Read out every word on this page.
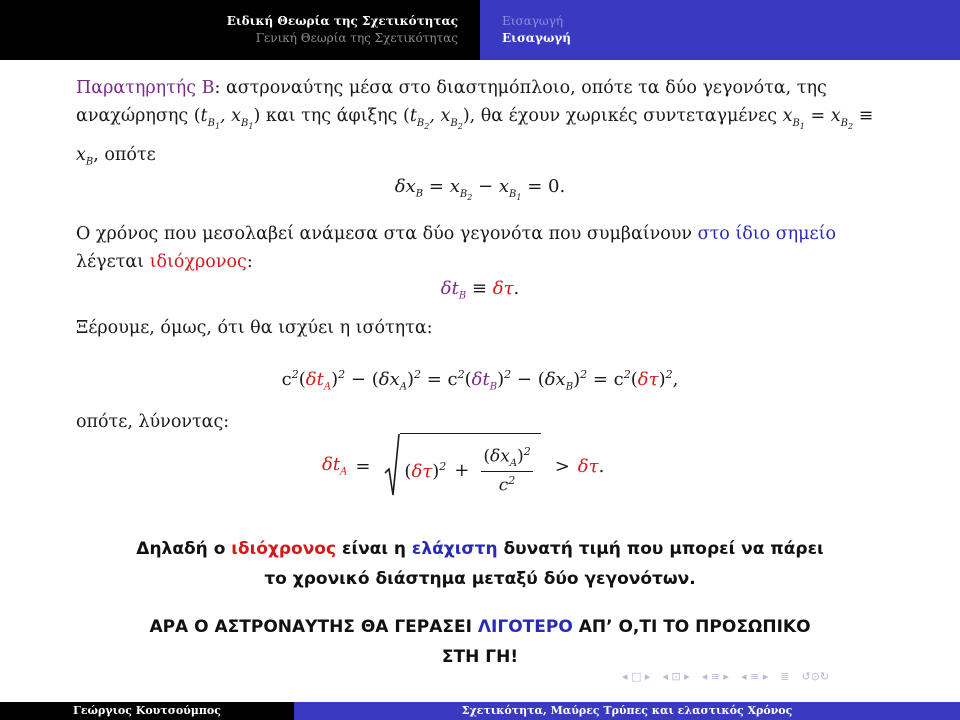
Ειδική Θεωρία της Σχετικότητας
Γενική Θεωρία της Σχετικότητας
Εισαγωγή
Εισαγωγή
Παρατηρητής Β: αστροναύτης μέσα στο διαστημόπλοιο, οπότε τα δύο γεγονότα, της αναχώρησης ($t_{B_1}$, $x_{B_1}$) και της άφιξης ($t_{B_2}$, $x_{B_2}$), θα έχουν χωρικές συντεταγμένες $x_{B_1} = x_{B_2} \equiv x_B$, οπότε
$\delta x_B = x_{B_2} - x_{B_1} = 0$.
Ο χρόνος που μεσολαβεί ανάμεσα στα δύο γεγονότα που συμβαίνουν στο ίδιο σημείο λέγεται ιδιόχρονος:
$\delta t_B \equiv \delta\tau$.
Ξέρουμε, όμως, ότι θα ισχύει η ισότητα:
$c^2(\delta t_A)^2 - (\delta x_A)^2 = c^2(\delta t_B)^2 - (\delta x_B)^2 = c^2(\delta\tau)^2$,
οπότε, λύνοντας:
$\delta t_A = (\delta\tau)^2 + \frac{(\delta x_A)^2}{c^2} > \delta\tau$ .
Δηλαδή ο ιδιόχρονος είναι η ελάχιστη δυνατή τιμή που μπορεί να πάρει
το χρονικό διάστημα μεταξύ δύο γεγονότων.
ΑΡΑ Ο ΑΣΤΡΟΝΑΥΤΗΣ ΘΑ ΓΕΡΑΣΕΙ ΛΙΓΟΤΕΡΟ ΑΠ’ Ο,ΤΙ ΤΟ ΠΡΟΣΩΠΙΚΟ
ΣΤΗ ΓΗ!
◂ □ ▸ ◂ ⊡ ▸ ◂ ≡ ▸ ◂ ≡ ▸ ≣ ↺⊙↻
Γεώργιος Κουτσούμπος	Σχετικότητα, Μαύρες Τρύπες και ελαστικός Χρόνος
